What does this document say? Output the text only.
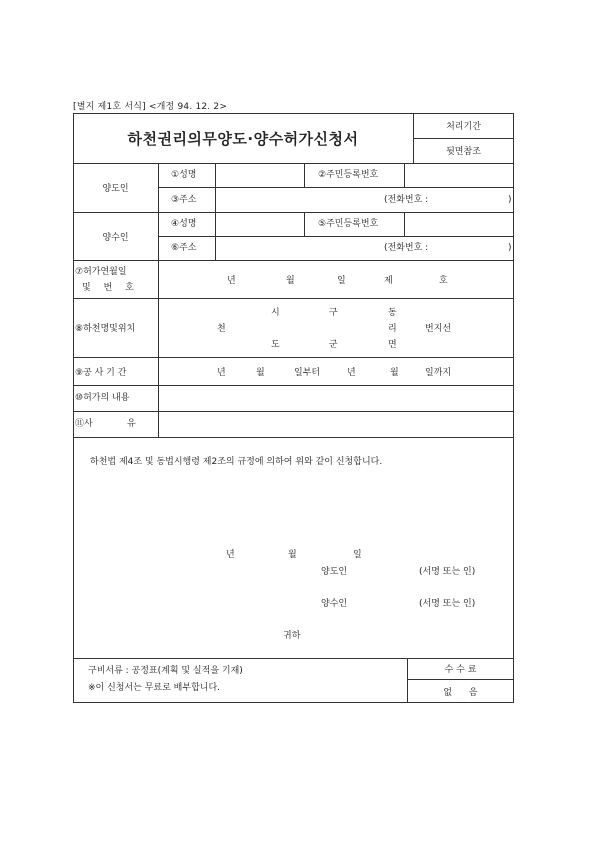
[별지 제1호 서식] <개정 94. 12. 2>
하천권리의무양도·양수허가신청서
처리기간
뒷면참조
양도인
①성명	②주민등록번호
③주소	(전화번호 :	)
양수인
④성명	⑤주민등록번호
⑥주소	(전화번호 :	)
⑦허가연월일
및 번 호
년	월	일	제	호
⑧하천명및위치
시	구	동
천	리	번지선
도	군	면
⑨공 사 기 간	년	월	일부터	년	월	일까지
⑩허가의 내용
⑪사	유
하천법 제4조 및 동법시행령 제2조의 규정에 의하여 위와 같이 신청합니다.
년	월	일
양도인	(서명 또는 인)
양수인	(서명 또는 인)
귀하
구비서류 : 공정표(계획 및 실적을 기재)
※이 신청서는 무료로 배부합니다.
수 수 료
없 음
